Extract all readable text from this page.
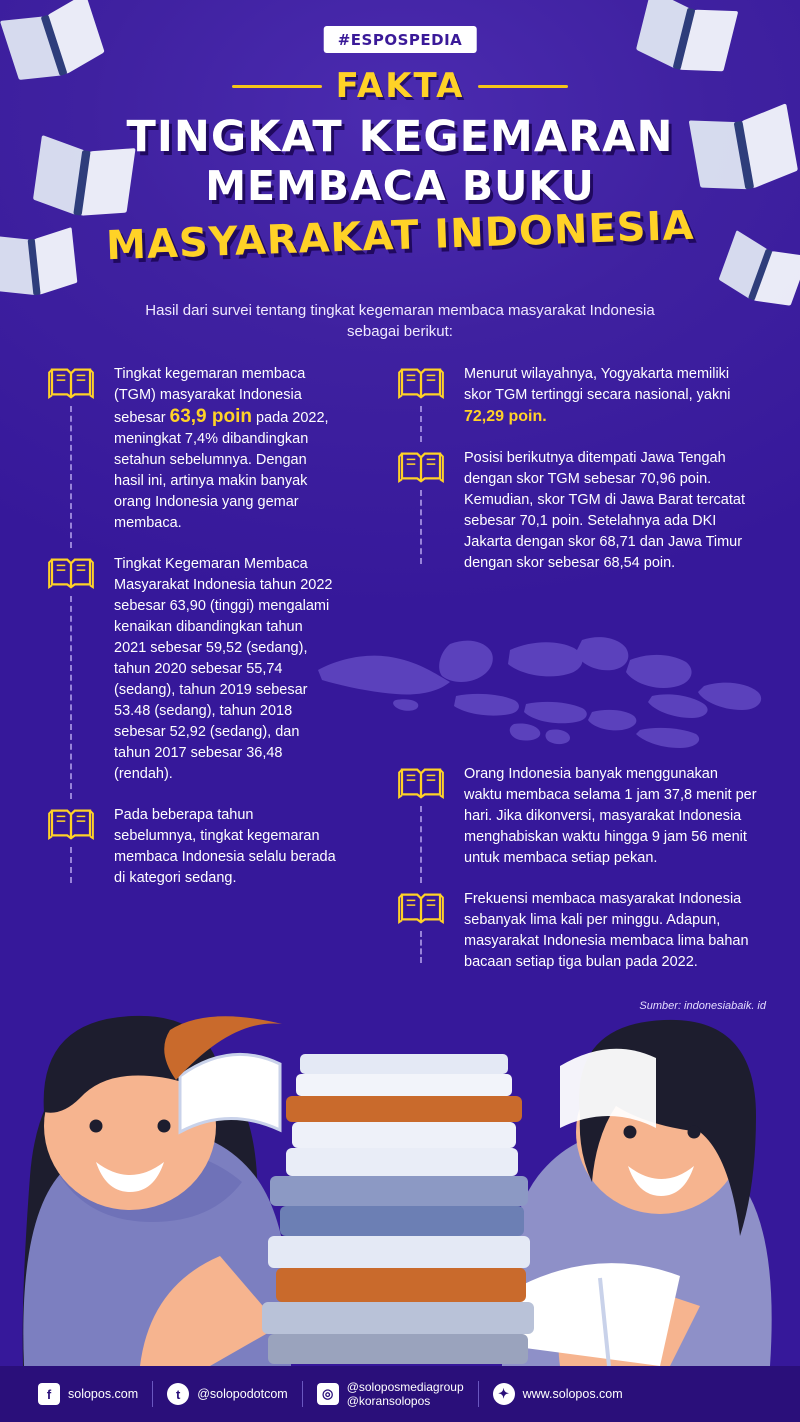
#ESPOSPEDIA
FAKTA
TINGKAT KEGEMARAN
MEMBACA BUKU
MASYARAKAT INDONESIA
Hasil dari survei tentang tingkat kegemaran membaca masyarakat Indonesia sebagai berikut:
Tingkat kegemaran membaca (TGM) masyarakat Indonesia sebesar 63,9 poin pada 2022, meningkat 7,4% dibandingkan setahun sebelumnya. Dengan hasil ini, artinya makin banyak orang Indonesia yang gemar membaca.
Tingkat Kegemaran Membaca Masyarakat Indonesia tahun 2022 sebesar 63,90 (tinggi) mengalami kenaikan dibandingkan tahun 2021 sebesar 59,52 (sedang), tahun 2020 sebesar 55,74 (sedang), tahun 2019 sebesar 53.48 (sedang), tahun 2018 sebesar 52,92 (sedang), dan tahun 2017 sebesar 36,48 (rendah).
Pada beberapa tahun sebelumnya, tingkat kegemaran membaca Indonesia selalu berada di kategori sedang.
Menurut wilayahnya, Yogyakarta memiliki skor TGM tertinggi secara nasional, yakni 72,29 poin.
Posisi berikutnya ditempati Jawa Tengah dengan skor TGM sebesar 70,96 poin. Kemudian, skor TGM di Jawa Barat tercatat sebesar 70,1 poin. Setelahnya ada DKI Jakarta dengan skor 68,71 dan Jawa Timur dengan skor sebesar 68,54 poin.
Orang Indonesia banyak menggunakan waktu membaca selama 1 jam 37,8 menit per hari. Jika dikonversi, masyarakat Indonesia menghabiskan waktu hingga 9 jam 56 menit untuk membaca setiap pekan.
Frekuensi membaca masyarakat Indonesia sebanyak lima kali per minggu. Adapun, masyarakat Indonesia membaca lima bahan bacaan setiap tiga bulan pada 2022.
Sumber: indonesiabaik. id
f	solopos.com	t	@solopodotcom	◎	@soloposmediagroup
@koransolopos	✦	www.solopos.com
